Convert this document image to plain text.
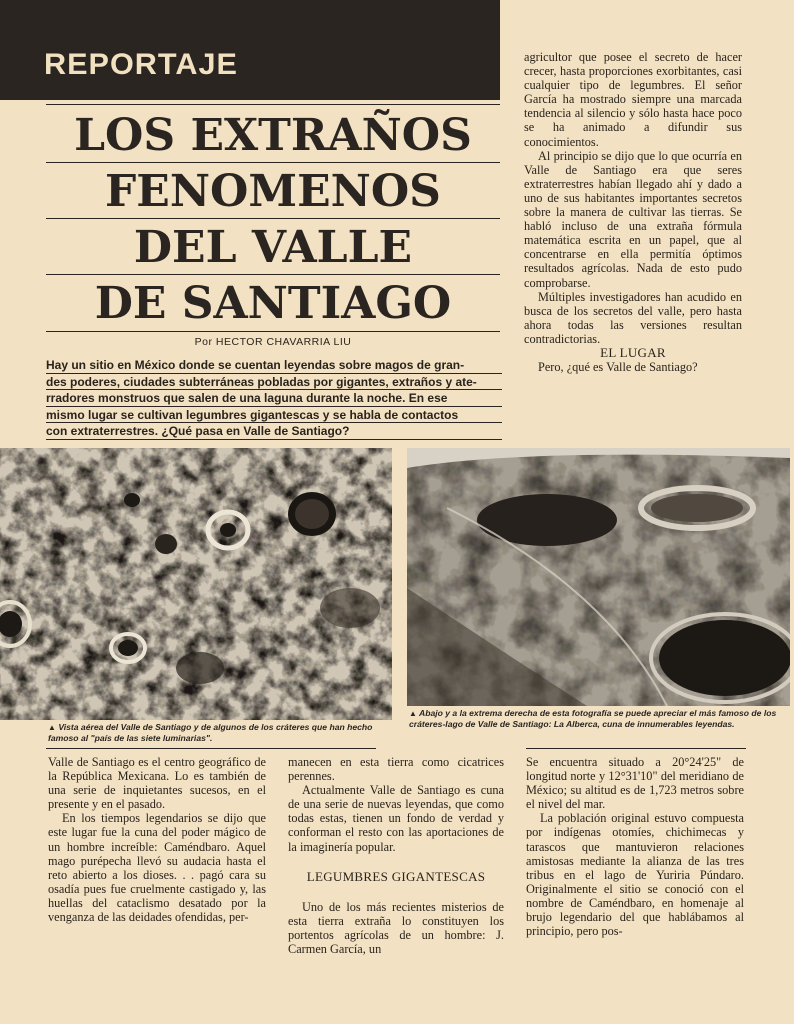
REPORTAJE
LOS EXTRAÑOS
FENOMENOS
DEL VALLE
DE SANTIAGO
Por HECTOR CHAVARRIA LIU
Hay un sitio en México donde se cuentan leyendas sobre magos de gran-
des poderes, ciudades subterráneas pobladas por gigantes, extraños y ate-
rradores monstruos que salen de una laguna durante la noche. En ese
mismo lugar se cultivan legumbres gigantescas y se habla de contactos
con extraterrestres. ¿Qué pasa en Valle de Santiago?

agricultor que posee el secreto de hacer crecer, hasta proporciones exorbitantes, casi cualquier tipo de legumbres. El señor García ha mostrado siempre una marcada tendencia al silencio y sólo hasta hace poco se ha animado a difundir sus conocimientos.

Al principio se dijo que lo que ocurría en Valle de Santiago era que seres extraterrestres habían llegado ahí y dado a uno de sus habitantes importantes secretos sobre la manera de cultivar las tierras. Se habló incluso de una extraña fórmula matemática escrita en un papel, que al concentrarse en ella permitía óptimos resultados agrícolas. Nada de esto pudo comprobarse.

Múltiples investigadores han acudido en busca de los secretos del valle, pero hasta ahora todas las versiones resultan contradictorias.

EL LUGAR

Pero, ¿qué es Valle de Santiago?

▲ Vista aérea del Valle de Santiago y de algunos de los cráteres que han hecho famoso al "país de las siete luminarias".
▲ Abajo y a la extrema derecha de esta fotografía se puede apreciar el más famoso de los cráteres-lago de Valle de Santiago: La Alberca, cuna de innumerables leyendas.

Valle de Santiago es el centro geográfico de la República Mexicana. Lo es también de una serie de inquietantes sucesos, en el presente y en el pasado.

En los tiempos legendarios se dijo que este lugar fue la cuna del poder mágico de un hombre increíble: Caméndbaro. Aquel mago purépecha llevó su audacia hasta el reto abierto a los dioses. . . pagó cara su osadía pues fue cruelmente castigado y, las huellas del cataclismo desatado por la venganza de las deidades ofendidas, per-

manecen en esta tierra como cicatrices perennes.

Actualmente Valle de Santiago es cuna de una serie de nuevas leyendas, que como todas estas, tienen un fondo de verdad y conforman el resto con las aportaciones de la imaginería popular.

LEGUMBRES GIGANTESCAS

Uno de los más recientes misterios de esta tierra extraña lo constituyen los portentos agrícolas de un hombre: J. Carmen García, un

Se encuentra situado a 20°24'25" de longitud norte y 12°31'10" del meridiano de México; su altitud es de 1,723 metros sobre el nivel del mar.

La población original estuvo compuesta por indígenas otomíes, chichimecas y tarascos que mantuvieron relaciones amistosas mediante la alianza de las tres tribus en el lago de Yuriria Púndaro. Originalmente el sitio se conoció con el nombre de Caméndbaro, en homenaje al brujo legendario del que hablábamos al principio, pero pos-
